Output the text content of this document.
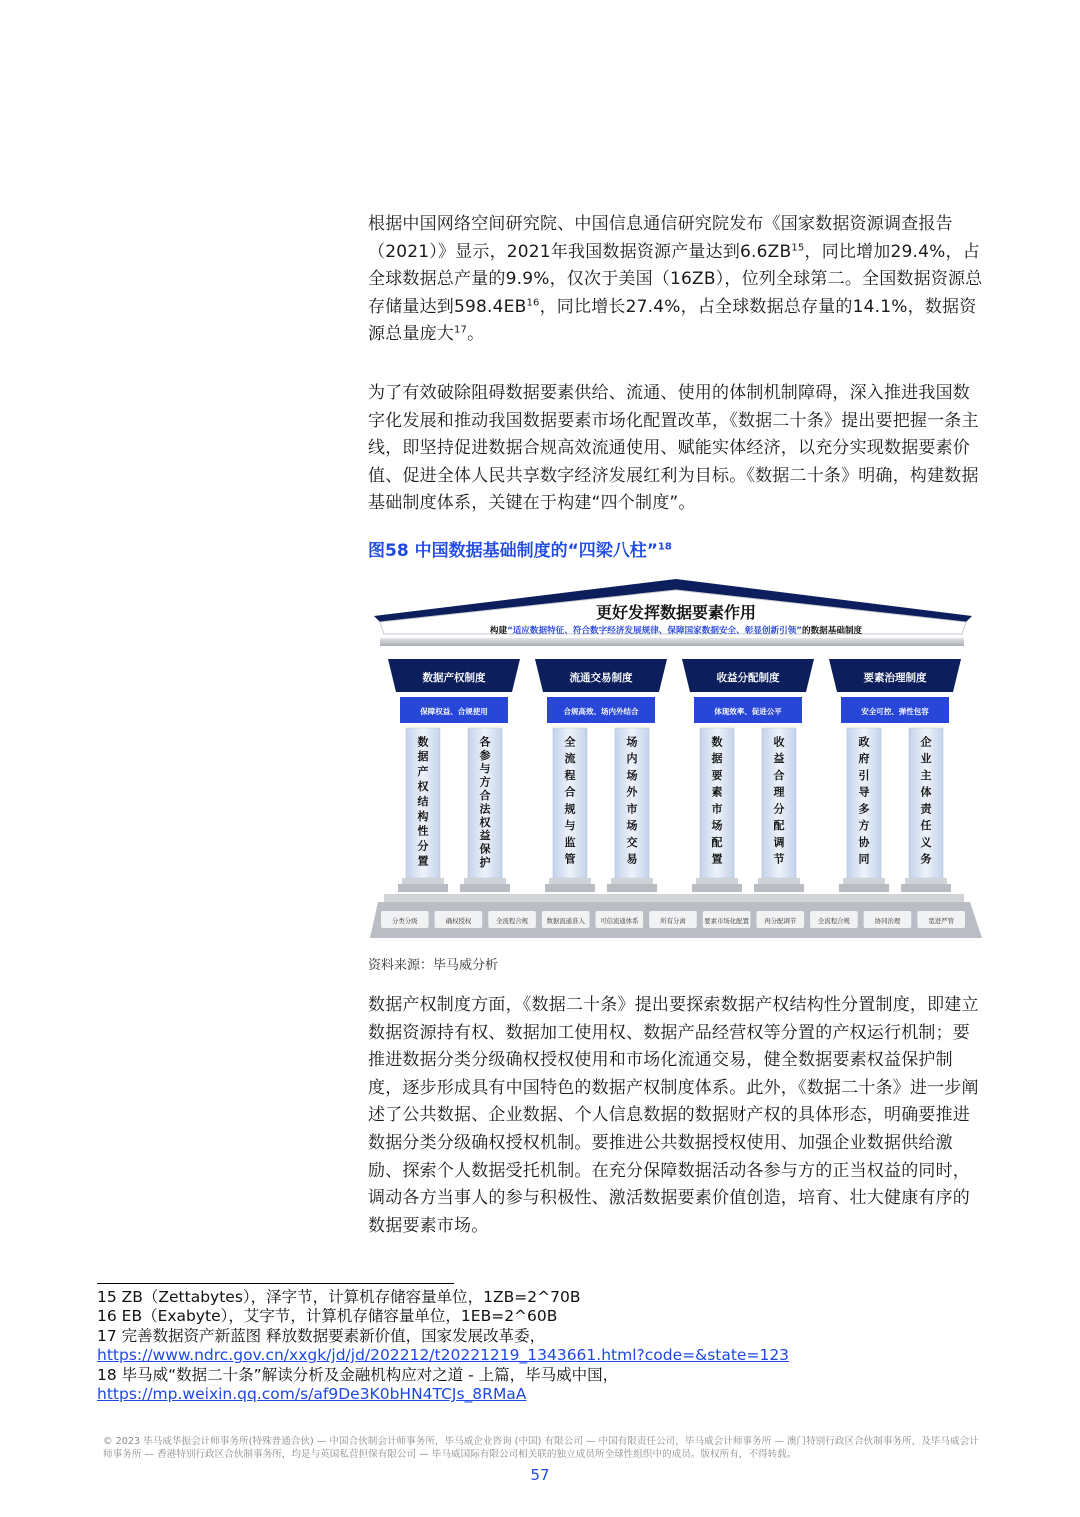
根据中国网络空间研究院、中国信息通信研究院发布《国家数据资源调查报告（2021）》显示，2021年我国数据资源产量达到6.6ZB$^{15}$，同比增加29.4%，占全球数据总产量的9.9%，仅次于美国（16ZB），位列全球第二。全国数据资源总存储量达到598.4EB$^{16}$，同比增长27.4%，占全球数据总存量的14.1%，数据资源总量庞大$^{17}$。

为了有效破除阻碍数据要素供给、流通、使用的体制机制障碍，深入推进我国数字化发展和推动我国数据要素市场化配置改革，《数据二十条》提出要把握一条主线，即坚持促进数据合规高效流通使用、赋能实体经济，以充分实现数据要素价值、促进全体人民共享数字经济发展红利为目标。《数据二十条》明确，构建数据基础制度体系，关键在于构建“四个制度”。

图58 中国数据基础制度的“四梁八柱”$^{18}$

更好发挥数据要素作用
构建“适应数据特征、符合数字经济发展规律、保障国家数据安全、彰显创新引领”的数据基础制度
数据产权制度
保障权益、合规使用
数据产权结构性分置
各参与方合法权益保护
流通交易制度
合规高效、场内外结合
全流程合规与监管
场内场外市场交易
收益分配制度
体现效率、促进公平
数据要素市场配置
收益合理分配调节
要素治理制度
安全可控、弹性包容
政府引导多方协同
企业主体责任义务
分类分级	确权授权	全流程合规	数据流通准入 可信流通体系	所有分离	要素市场化配置 再分配调节	全流程合规	协同治理	宽进严管
资料来源：毕马威分析

数据产权制度方面，《数据二十条》提出要探索数据产权结构性分置制度，即建立数据资源持有权、数据加工使用权、数据产品经营权等分置的产权运行机制；要推进数据分类分级确权授权使用和市场化流通交易，健全数据要素权益保护制度，逐步形成具有中国特色的数据产权制度体系。此外，《数据二十条》进一步阐述了公共数据、企业数据、个人信息数据的数据财产权的具体形态，明确要推进数据分类分级确权授权机制。要推进公共数据授权使用、加强企业数据供给激励、探索个人数据受托机制。在充分保障数据活动各参与方的正当权益的同时，调动各方当事人的参与积极性、激活数据要素价值创造，培育、壮大健康有序的数据要素市场。

15 ZB（Zettabytes），泽字节，计算机存储容量单位，1ZB=2^70B
16 EB（Exabyte），艾字节，计算机存储容量单位，1EB=2^60B
17 完善数据资产新蓝图 释放数据要素新价值，国家发展改革委，
https://www.ndrc.gov.cn/xxgk/jd/jd/202212/t20221219_1343661.html?code=&state=123
18 毕马威“数据二十条”解读分析及金融机构应对之道 - 上篇，毕马威中国，
https://mp.weixin.qq.com/s/af9De3K0bHN4TCJs_8RMaA
© 2023 毕马威华振会计师事务所(特殊普通合伙) — 中国合伙制会计师事务所，毕马威企业咨询 (中国) 有限公司 — 中国有限责任公司，毕马威会计师事务所 — 澳门特别行政区合伙制事务所，及毕马威会计师事务所 — 香港特别行政区合伙制事务所，均是与英国私营担保有限公司 — 毕马威国际有限公司相关联的独立成员所全球性组织中的成员。版权所有，不得转载。
57
